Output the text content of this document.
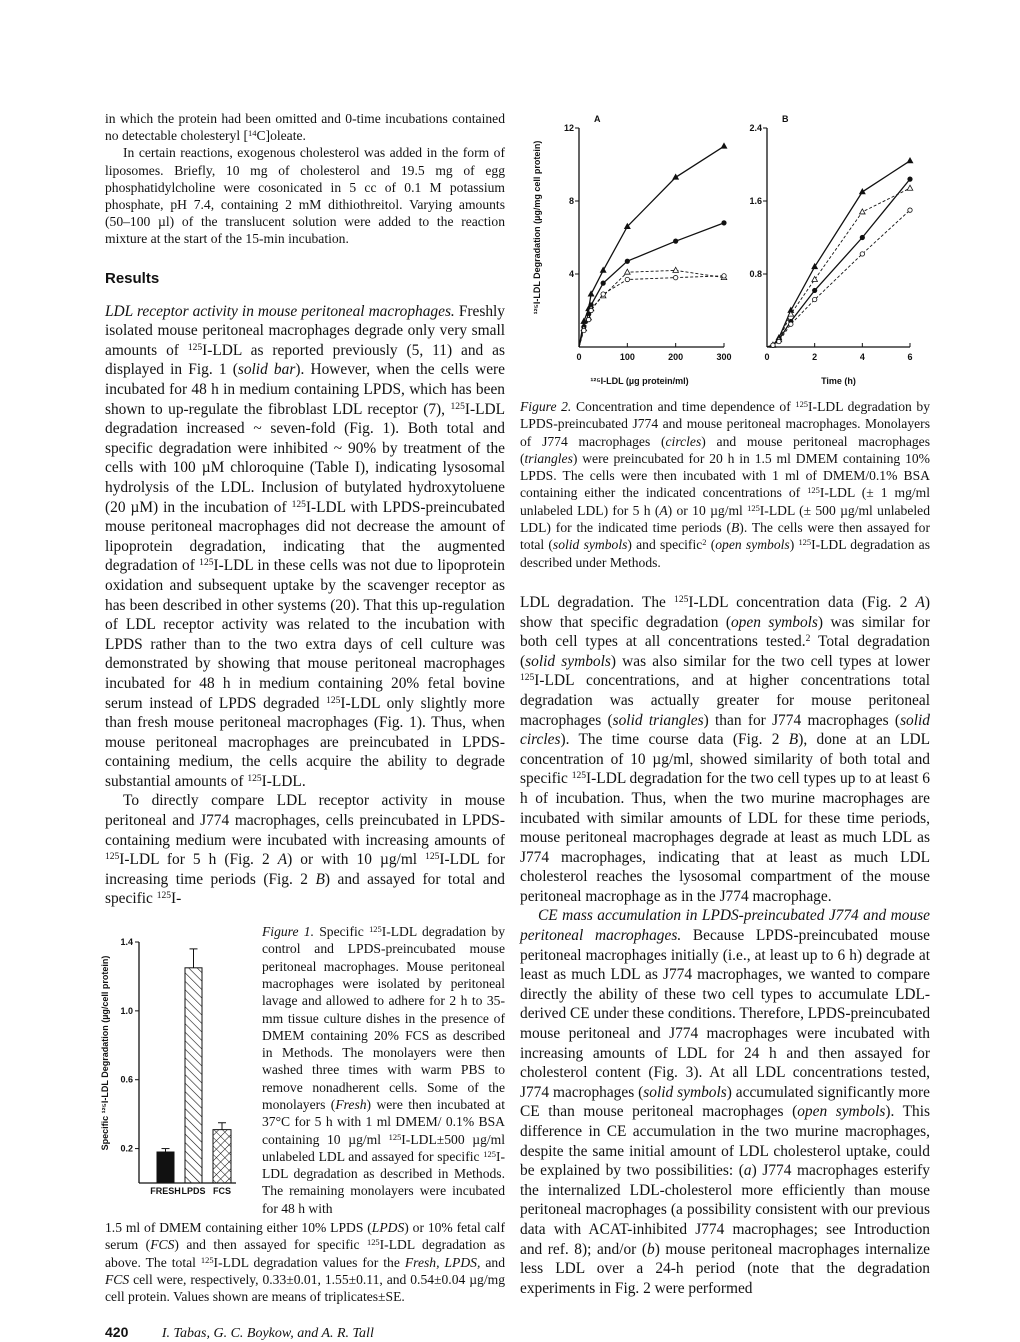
in which the protein had been omitted and 0-time incubations contained no detectable cholesteryl [$^{14}$C]oleate.

In certain reactions, exogenous cholesterol was added in the form of liposomes. Briefly, 10 mg of cholesterol and 19.5 mg of egg phosphatidylcholine were cosonicated in 5 cc of 0.1 M potassium phosphate, pH 7.4, containing 2 mM dithiothreitol. Varying amounts (50–100 µl) of the translucent solution were added to the reaction mixture at the start of the 15-min incubation.

Results

LDL receptor activity in mouse peritoneal macrophages. Freshly isolated mouse peritoneal macrophages degrade only very small amounts of $^{125}$I-LDL as reported previously (5, 11) and as displayed in Fig. 1 (solid bar). However, when the cells were incubated for 48 h in medium containing LPDS, which has been shown to up-regulate the fibroblast LDL receptor (7), $^{125}$I-LDL degradation increased ~ seven-fold (Fig. 1). Both total and specific degradation were inhibited ~ 90% by treatment of the cells with 100 µM chloroquine (Table I), indicating lysosomal hydrolysis of the LDL. Inclusion of butylated hydroxytoluene (20 µM) in the incubation of $^{125}$I-LDL with LPDS-preincubated mouse peritoneal macrophages did not decrease the amount of lipoprotein degradation, indicating that the augmented degradation of $^{125}$I-LDL in these cells was not due to lipoprotein oxidation and subsequent uptake by the scavenger receptor as has been described in other systems (20). That this up-regulation of LDL receptor activity was related to the incubation with LPDS rather than to the two extra days of cell culture was demonstrated by showing that mouse peritoneal macrophages incubated for 48 h in medium containing 20% fetal bovine serum instead of LPDS degraded $^{125}$I-LDL only slightly more than fresh mouse peritoneal macrophages (Fig. 1). Thus, when mouse peritoneal macrophages are preincubated in LPDS-containing medium, the cells acquire the ability to degrade substantial amounts of $^{125}$I-LDL.

To directly compare LDL receptor activity in mouse peritoneal and J774 macrophages, cells preincubated in LPDS-containing medium were incubated with increasing amounts of $^{125}$I-LDL for 5 h (Fig. 2 A) or with 10 µg/ml $^{125}$I-LDL for increasing time periods (Fig. 2 B) and assayed for total and specific $^{125}$I-

0.2
0.6
1.0
1.4
Specific ¹²⁵I-LDL Degradation (µg/cell protein)
FRESH LPDS FCS
Figure 1. Specific $^{125}$I-LDL degradation by control and LPDS-preincubated mouse peritoneal macrophages. Mouse peritoneal macrophages were isolated by peritoneal lavage and allowed to adhere for 2 h to 35-mm tissue culture dishes in the presence of DMEM containing 20% FCS as described in Methods. The monolayers were then washed three times with warm PBS to remove nonadherent cells. Some of the monolayers (Fresh) were then incubated at 37°C for 5 h with 1 ml DMEM/ 0.1% BSA containing 10 µg/ml $^{125}$I-LDL±500 µg/ml unlabeled LDL and assayed for specific $^{125}$I-LDL degradation as described in Methods. The remaining monolayers were incubated for 48 h with
1.5 ml of DMEM containing either 10% LPDS (LPDS) or 10% fetal calf serum (FCS) and then assayed for specific $^{125}$I-LDL degradation as above. The total $^{125}$I-LDL degradation values for the Fresh, LPDS, and FCS cell were, respectively, 0.33±0.01, 1.55±0.11, and 0.54±0.04 µg/mg cell protein. Values shown are means of triplicates±SE.
420 I. Tabas, G. C. Boykow, and A. R. Tall
4
8
12
0	100	200	300
A
¹²⁵I-LDL (µg protein/ml)
¹²⁵I-LDL Degradation (µg/mg cell protein)	0.8
1.6
2.4
0	2	4	6
B
Time (h)
Figure 2. Concentration and time dependence of $^{125}$I-LDL degradation by LPDS-preincubated J774 and mouse peritoneal macrophages. Monolayers of J774 macrophages (circles) and mouse peritoneal macrophages (triangles) were preincubated for 20 h in 1.5 ml DMEM containing 10% LPDS. The cells were then incubated with 1 ml of DMEM/0.1% BSA containing either the indicated concentrations of $^{125}$I-LDL (± 1 mg/ml unlabeled LDL) for 5 h (A) or 10 µg/ml $^{125}$I-LDL (± 500 µg/ml unlabeled LDL) for the indicated time periods (B). The cells were then assayed for total (solid symbols) and specific$^2$ (open symbols) $^{125}$I-LDL degradation as described under Methods.

LDL degradation. The $^{125}$I-LDL concentration data (Fig. 2 A) show that specific degradation (open symbols) was similar for both cell types at all concentrations tested.$^2$ Total degradation (solid symbols) was also similar for the two cell types at lower $^{125}$I-LDL concentrations, and at higher concentrations total degradation was actually greater for mouse peritoneal macrophages (solid triangles) than for J774 macrophages (solid circles). The time course data (Fig. 2 B), done at an LDL concentration of 10 µg/ml, showed similarity of both total and specific $^{125}$I-LDL degradation for the two cell types up to at least 6 h of incubation. Thus, when the two murine macrophages are incubated with similar amounts of LDL for these time periods, mouse peritoneal macrophages degrade at least as much LDL as J774 macrophages, indicating that at least as much LDL cholesterol reaches the lysosomal compartment of the mouse peritoneal macrophage as in the J774 macrophage.

CE mass accumulation in LPDS-preincubated J774 and mouse peritoneal macrophages. Because LPDS-preincubated mouse peritoneal macrophages initially (i.e., at least up to 6 h) degrade at least as much LDL as J774 macrophages, we wanted to compare directly the ability of these two cell types to accumulate LDL-derived CE under these conditions. Therefore, LPDS-preincubated mouse peritoneal and J774 macrophages were incubated with increasing amounts of LDL for 24 h and then assayed for cholesterol content (Fig. 3). At all LDL concentrations tested, J774 macrophages (solid symbols) accumulated significantly more CE than mouse peritoneal macrophages (open symbols). This difference in CE accumulation in the two murine macrophages, despite the same initial amount of LDL cholesterol uptake, could be explained by two possibilities: (a) J774 macrophages esterify the internalized LDL-cholesterol more efficiently than mouse peritoneal macrophages (a possibility consistent with our previous data with ACAT-inhibited J774 macrophages; see Introduction and ref. 8); and/or (b) mouse peritoneal macrophages internalize less LDL over a 24-h period (note that the degradation experiments in Fig. 2 were performed
